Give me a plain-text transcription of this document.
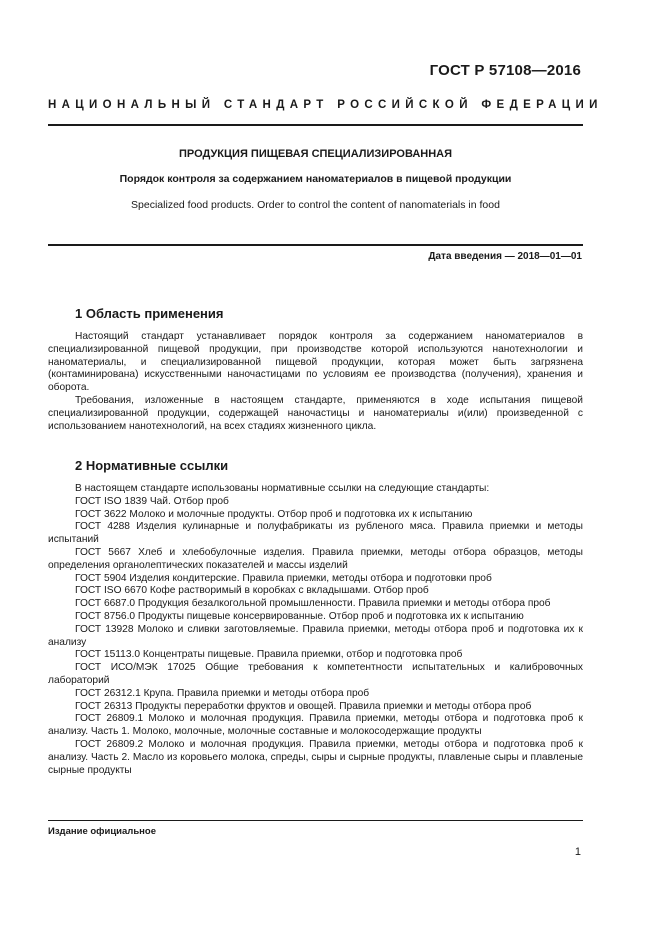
ГОСТ Р 57108—2016
НАЦИОНАЛЬНЫЙ СТАНДАРТ РОССИЙСКОЙ ФЕДЕРАЦИИ
ПРОДУКЦИЯ ПИЩЕВАЯ СПЕЦИАЛИЗИРОВАННАЯ
Порядок контроля за содержанием наноматериалов в пищевой продукции
Specialized food products. Order to control the content of nanomaterials in food
Дата введения — 2018—01—01
1 Область применения

Настоящий стандарт устанавливает порядок контроля за содержанием наноматериалов в специализированной пищевой продукции, при производстве которой используются нанотехнологии и наноматериалы, и специализированной пищевой продукции, которая может быть загрязнена (контаминирована) искусственными наночастицами по условиям ее производства (получения), хранения и оборота.

Требования, изложенные в настоящем стандарте, применяются в ходе испытания пищевой специализированной продукции, содержащей наночастицы и наноматериалы и(или) произведенной с использованием нанотехнологий, на всех стадиях жизненного цикла.

2 Нормативные ссылки

В настоящем стандарте использованы нормативные ссылки на следующие стандарты:

ГОСТ ISO 1839 Чай. Отбор проб

ГОСТ 3622 Молоко и молочные продукты. Отбор проб и подготовка их к испытанию

ГОСТ 4288 Изделия кулинарные и полуфабрикаты из рубленого мяса. Правила приемки и методы испытаний

ГОСТ 5667 Хлеб и хлебобулочные изделия. Правила приемки, методы отбора образцов, методы определения органолептических показателей и массы изделий

ГОСТ 5904 Изделия кондитерские. Правила приемки, методы отбора и подготовки проб

ГОСТ ISO 6670 Кофе растворимый в коробках с вкладышами. Отбор проб

ГОСТ 6687.0 Продукция безалкогольной промышленности. Правила приемки и методы отбора проб

ГОСТ 8756.0 Продукты пищевые консервированные. Отбор проб и подготовка их к испытанию

ГОСТ 13928 Молоко и сливки заготовляемые. Правила приемки, методы отбора проб и подготовка их к анализу

ГОСТ 15113.0 Концентраты пищевые. Правила приемки, отбор и подготовка проб

ГОСТ ИСО/МЭК 17025 Общие требования к компетентности испытательных и калибровочных лабораторий

ГОСТ 26312.1 Крупа. Правила приемки и методы отбора проб

ГОСТ 26313 Продукты переработки фруктов и овощей. Правила приемки и методы отбора проб

ГОСТ 26809.1 Молоко и молочная продукция. Правила приемки, методы отбора и подготовка проб к анализу. Часть 1. Молоко, молочные, молочные составные и молокосодержащие продукты

ГОСТ 26809.2 Молоко и молочная продукция. Правила приемки, методы отбора и подготовка проб к анализу. Часть 2. Масло из коровьего молока, спреды, сыры и сырные продукты, плавленые сыры и плавленые сырные продукты

Издание официальное
1
